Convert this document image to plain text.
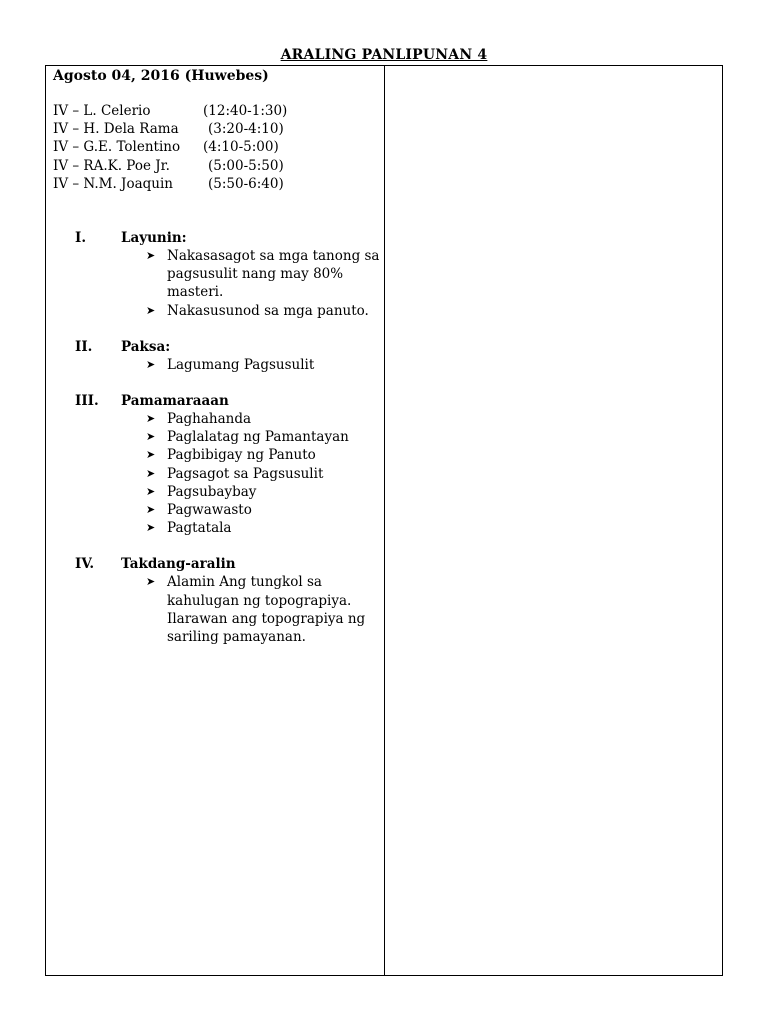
ARALING PANLIPUNAN 4
Agosto 04, 2016 (Huwebes)
IV – L. Celerio	(12:40-1:30)
IV – H. Dela Rama	(3:20-4:10)
IV – G.E. Tolentino	(4:10-5:00)
IV – RA.K. Poe Jr.	(5:00-5:50)
IV – N.M. Joaquin	(5:50-6:40)
I.	Layunin:
➤ Nakasasagot sa mga tanong sa pagsusulit nang may 80% masteri.
➤ Nakasusunod sa mga panuto.
II.	Paksa:
➤ Lagumang Pagsusulit
III.	Pamamaraaan
➤ Paghahanda
➤ Paglalatag ng Pamantayan
➤ Pagbibigay ng Panuto
➤ Pagsagot sa Pagsusulit
➤ Pagsubaybay
➤ Pagwawasto
➤ Pagtatala
IV.	Takdang-aralin
➤ Alamin Ang tungkol sa kahulugan ng topograpiya. Ilarawan ang topograpiya ng sariling pamayanan.
